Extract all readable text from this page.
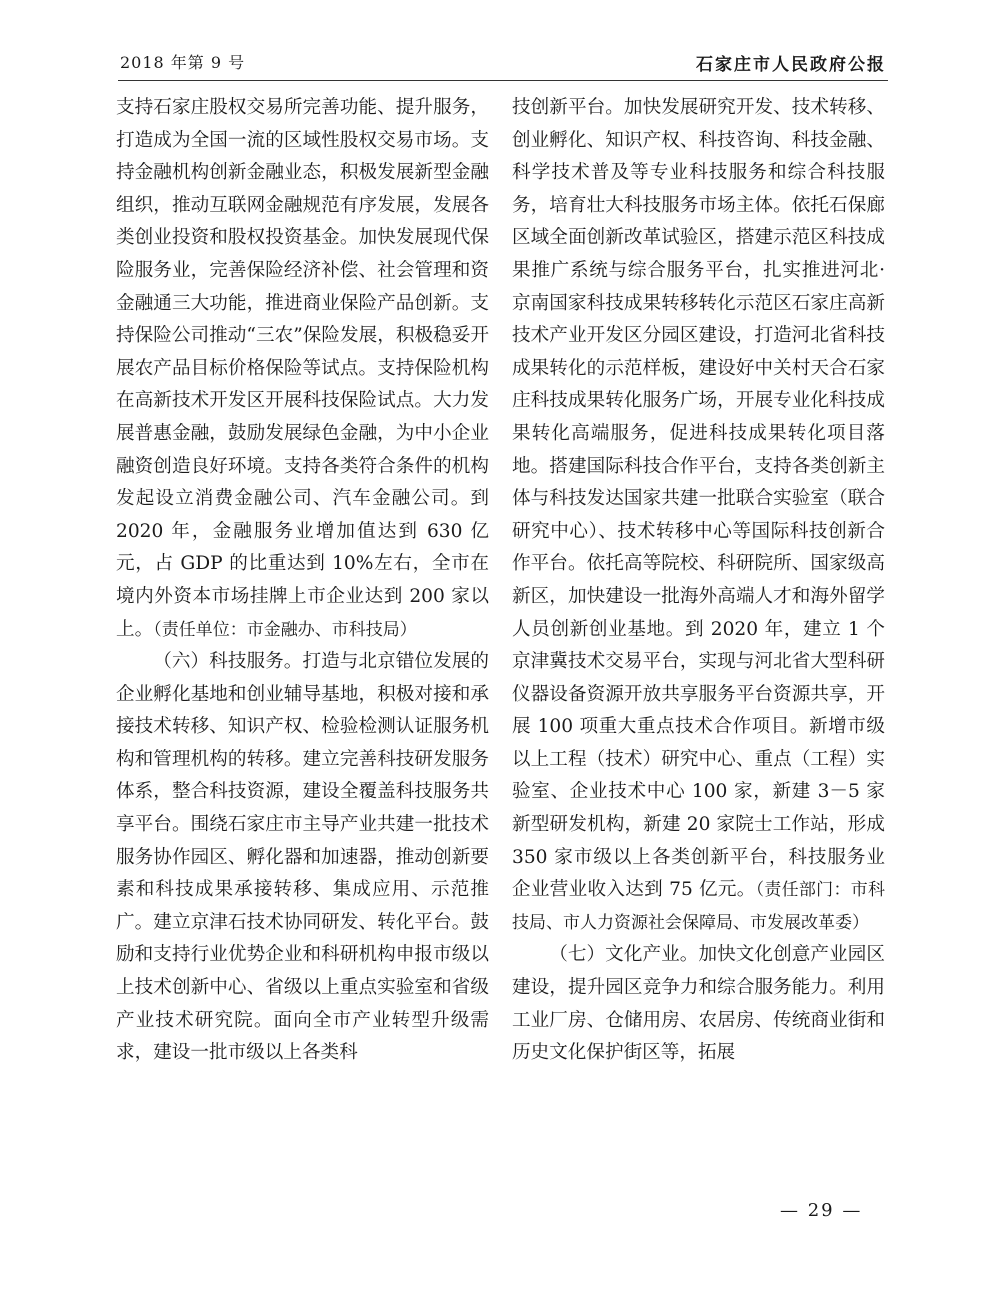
2018 年第 9 号	石家庄市人民政府公报

支持石家庄股权交易所完善功能、提升服务，打造成为全国一流的区域性股权交易市场。支持金融机构创新金融业态，积极发展新型金融组织，推动互联网金融规范有序发展，发展各类创业投资和股权投资基金。加快发展现代保险服务业，完善保险经济补偿、社会管理和资金融通三大功能，推进商业保险产品创新。支持保险公司推动“三农”保险发展，积极稳妥开展农产品目标价格保险等试点。支持保险机构在高新技术开发区开展科技保险试点。大力发展普惠金融，鼓励发展绿色金融，为中小企业融资创造良好环境。支持各类符合条件的机构发起设立消费金融公司、汽车金融公司。到 2020 年，金融服务业增加值达到 630 亿元，占 GDP 的比重达到 10%左右，全市在境内外资本市场挂牌上市企业达到 200 家以上。（责任单位：市金融办、市科技局）

（六）科技服务。打造与北京错位发展的企业孵化基地和创业辅导基地，积极对接和承接技术转移、知识产权、检验检测认证服务机构和管理机构的转移。建立完善科技研发服务体系，整合科技资源，建设全覆盖科技服务共享平台。围绕石家庄市主导产业共建一批技术服务协作园区、孵化器和加速器，推动创新要素和科技成果承接转移、集成应用、示范推广。建立京津石技术协同研发、转化平台。鼓励和支持行业优势企业和科研机构申报市级以上技术创新中心、省级以上重点实验室和省级产业技术研究院。面向全市产业转型升级需求，建设一批市级以上各类科

技创新平台。加快发展研究开发、技术转移、创业孵化、知识产权、科技咨询、科技金融、科学技术普及等专业科技服务和综合科技服务，培育壮大科技服务市场主体。依托石保廊区域全面创新改革试验区，搭建示范区科技成果推广系统与综合服务平台，扎实推进河北·京南国家科技成果转移转化示范区石家庄高新技术产业开发区分园区建设，打造河北省科技成果转化的示范样板，建设好中关村天合石家庄科技成果转化服务广场，开展专业化科技成果转化高端服务，促进科技成果转化项目落地。搭建国际科技合作平台，支持各类创新主体与科技发达国家共建一批联合实验室（联合研究中心）、技术转移中心等国际科技创新合作平台。依托高等院校、科研院所、国家级高新区，加快建设一批海外高端人才和海外留学人员创新创业基地。到 2020 年，建立 1 个京津冀技术交易平台，实现与河北省大型科研仪器设备资源开放共享服务平台资源共享，开展 100 项重大重点技术合作项目。新增市级以上工程（技术）研究中心、重点（工程）实验室、企业技术中心 100 家，新建 3－5 家新型研发机构，新建 20 家院士工作站，形成 350 家市级以上各类创新平台，科技服务业企业营业收入达到 75 亿元。（责任部门：市科技局、市人力资源社会保障局、市发展改革委）

（七）文化产业。加快文化创意产业园区建设，提升园区竞争力和综合服务能力。利用工业厂房、仓储用房、农居房、传统商业街和历史文化保护街区等，拓展

— 29 —
